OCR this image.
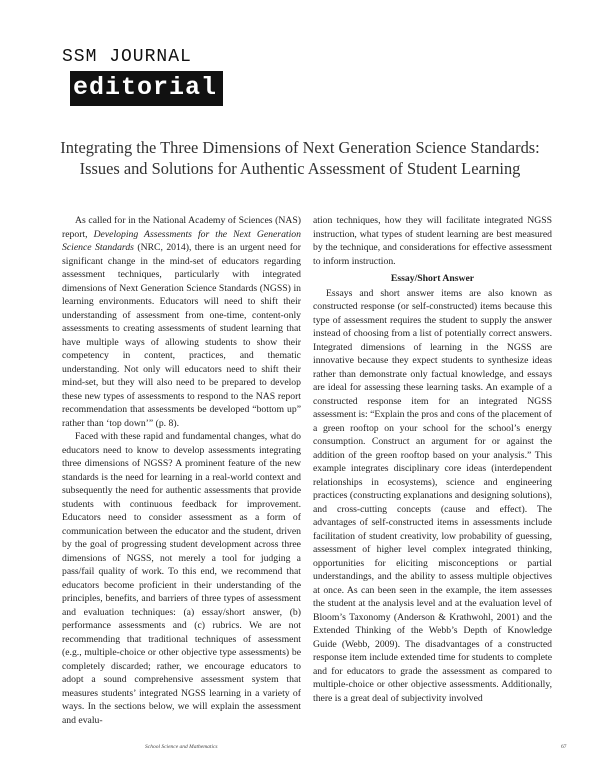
SSM JOURNAL
editorial
Integrating the Three Dimensions of Next Generation Science Standards:
Issues and Solutions for Authentic Assessment of Student Learning

As called for in the National Academy of Sciences (NAS) report, Developing Assessments for the Next Generation Science Standards (NRC, 2014), there is an urgent need for significant change in the mind-set of educators regarding assessment techniques, particularly with integrated dimensions of Next Generation Science Standards (NGSS) in learning environments. Educators will need to shift their understanding of assessment from one-time, content-only assessments to creating assessments of student learning that have multiple ways of allowing students to show their competency in content, practices, and thematic understanding. Not only will educators need to shift their mind-set, but they will also need to be prepared to develop these new types of assessments to respond to the NAS report recommendation that assessments be developed “bottom up” rather than ‘top down’” (p. 8).

Faced with these rapid and fundamental changes, what do educators need to know to develop assessments integrating three dimensions of NGSS? A prominent feature of the new standards is the need for learning in a real-world context and subsequently the need for authentic assessments that provide students with continuous feedback for improvement. Educators need to consider assessment as a form of communication between the educator and the student, driven by the goal of progressing student development across three dimensions of NGSS, not merely a tool for judging a pass/fail quality of work. To this end, we recommend that educators become proficient in their understanding of the principles, benefits, and barriers of three types of assessment and evaluation techniques: (a) essay/short answer, (b) performance assessments and (c) rubrics. We are not recommending that traditional techniques of assessment (e.g., multiple-choice or other objective type assessments) be completely discarded; rather, we encourage educators to adopt a sound comprehensive assessment system that measures students’ integrated NGSS learning in a variety of ways. In the sections below, we will explain the assessment and evalu-

ation techniques, how they will facilitate integrated NGSS instruction, what types of student learning are best measured by the technique, and considerations for effective assessment to inform instruction.

Essay/Short Answer

Essays and short answer items are also known as constructed response (or self-constructed) items because this type of assessment requires the student to supply the answer instead of choosing from a list of potentially correct answers. Integrated dimensions of learning in the NGSS are innovative because they expect students to synthesize ideas rather than demonstrate only factual knowledge, and essays are ideal for assessing these learning tasks. An example of a constructed response item for an integrated NGSS assessment is: “Explain the pros and cons of the placement of a green rooftop on your school for the school’s energy consumption. Construct an argument for or against the addition of the green rooftop based on your analysis.” This example integrates disciplinary core ideas (interdependent relationships in ecosystems), science and engineering practices (constructing explanations and designing solutions), and cross-cutting concepts (cause and effect). The advantages of self-constructed items in assessments include facilitation of student creativity, low probability of guessing, assessment of higher level complex integrated thinking, opportunities for eliciting misconceptions or partial understandings, and the ability to assess multiple objectives at once. As can been seen in the example, the item assesses the student at the analysis level and at the evaluation level of Bloom’s Taxonomy (Anderson & Krathwohl, 2001) and the Extended Thinking of the Webb’s Depth of Knowledge Guide (Webb, 2009). The disadvantages of a constructed response item include extended time for students to complete and for educators to grade the assessment as compared to multiple-choice or other objective assessments. Additionally, there is a great deal of subjectivity involved

School Science and Mathematics	67
